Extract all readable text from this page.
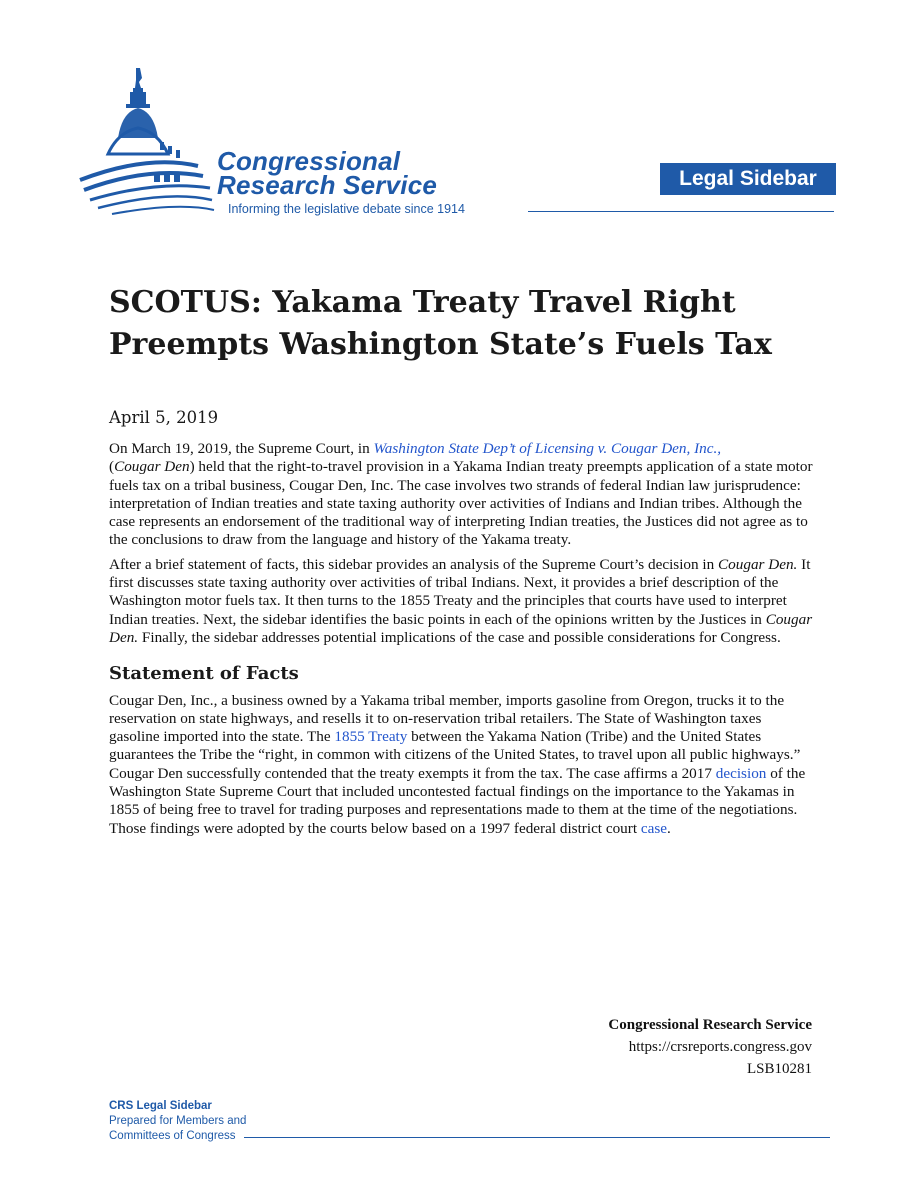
Congressional
Research Service
Informing the legislative debate since 1914
Legal Sidebar
SCOTUS: Yakama Treaty Travel Right
Preempts Washington State’s Fuels Tax
April 5, 2019

On March 19, 2019, the Supreme Court, in Washington State Dep’t of Licensing v. Cougar Den, Inc.,
(Cougar Den) held that the right-to-travel provision in a Yakama Indian treaty preempts application of a state motor fuels tax on a tribal business, Cougar Den, Inc. The case involves two strands of federal Indian law jurisprudence: interpretation of Indian treaties and state taxing authority over activities of Indians and Indian tribes. Although the case represents an endorsement of the traditional way of interpreting Indian treaties, the Justices did not agree as to the conclusions to draw from the language and history of the Yakama treaty.

After a brief statement of facts, this sidebar provides an analysis of the Supreme Court’s decision in Cougar Den. It first discusses state taxing authority over activities of tribal Indians. Next, it provides a brief description of the Washington motor fuels tax. It then turns to the 1855 Treaty and the principles that courts have used to interpret Indian treaties. Next, the sidebar identifies the basic points in each of the opinions written by the Justices in Cougar Den. Finally, the sidebar addresses potential implications of the case and possible considerations for Congress.

Statement of Facts

Cougar Den, Inc., a business owned by a Yakama tribal member, imports gasoline from Oregon, trucks it to the reservation on state highways, and resells it to on-reservation tribal retailers. The State of Washington taxes gasoline imported into the state. The 1855 Treaty between the Yakama Nation (Tribe) and the United States guarantees the Tribe the “right, in common with citizens of the United States, to travel upon all public highways.” Cougar Den successfully contended that the treaty exempts it from the tax. The case affirms a 2017 decision of the Washington State Supreme Court that included uncontested factual findings on the importance to the Yakamas in 1855 of being free to travel for trading purposes and representations made to them at the time of the negotiations. Those findings were adopted by the courts below based on a 1997 federal district court case.

Congressional Research Service
https://crsreports.congress.gov
LSB10281
CRS Legal Sidebar
Prepared for Members and
Committees of Congress
